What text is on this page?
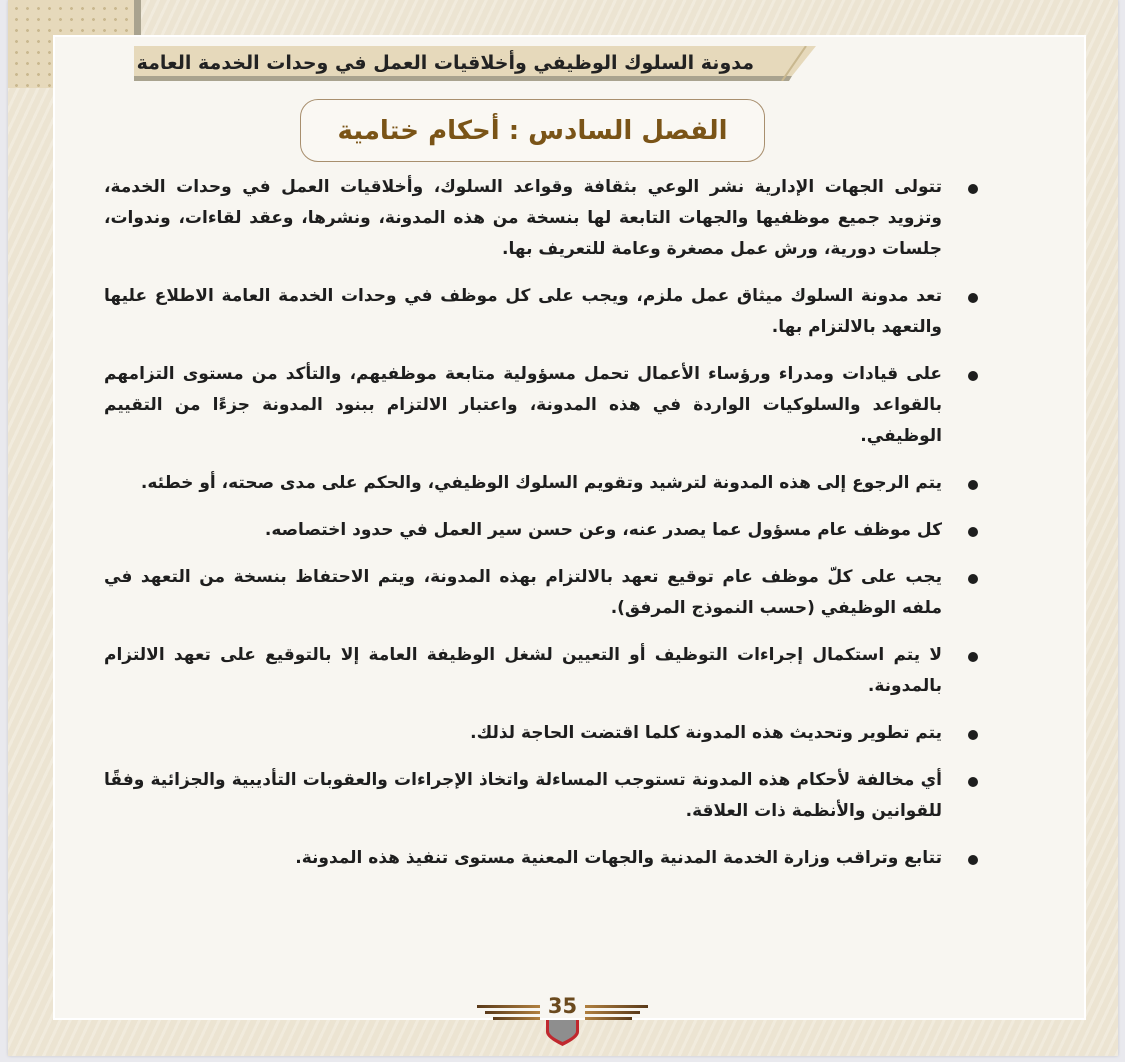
مدونة السلوك الوظيفي وأخلاقيات العمل في وحدات الخدمة العامة
الفصل السادس : أحكام ختامية
تتولى الجهات الإدارية نشر الوعي بثقافة وقواعد السلوك، وأخلاقيات العمل في وحدات الخدمة، وتزويد جميع موظفيها والجهات التابعة لها بنسخة من هذه المدونة، ونشرها، وعقد لقاءات، وندوات، جلسات دورية، ورش عمل مصغرة وعامة للتعريف بها.
تعد مدونة السلوك ميثاق عمل ملزم، ويجب على كل موظف في وحدات الخدمة العامة الاطلاع عليها والتعهد بالالتزام بها.
على قيادات ومدراء ورؤساء الأعمال تحمل مسؤولية متابعة موظفيهم، والتأكد من مستوى التزامهم بالقواعد والسلوكيات الواردة في هذه المدونة، واعتبار الالتزام ببنود المدونة جزءًا من التقييم الوظيفي.
يتم الرجوع إلى هذه المدونة لترشيد وتقويم السلوك الوظيفي، والحكم على مدى صحته، أو خطئه.
كل موظف عام مسؤول عما يصدر عنه، وعن حسن سير العمل في حدود اختصاصه.
يجب على كلّ موظف عام توقيع تعهد بالالتزام بهذه المدونة، ويتم الاحتفاظ بنسخة من التعهد في ملفه الوظيفي (حسب النموذج المرفق).
لا يتم استكمال إجراءات التوظيف أو التعيين لشغل الوظيفة العامة إلا بالتوقيع على تعهد الالتزام بالمدونة.
يتم تطوير وتحديث هذه المدونة كلما اقتضت الحاجة لذلك.
أي مخالفة لأحكام هذه المدونة تستوجب المساءلة واتخاذ الإجراءات والعقوبات التأديبية والجزائية وفقًا للقوانين والأنظمة ذات العلاقة.
تتابع وتراقب وزارة الخدمة المدنية والجهات المعنية مستوى تنفيذ هذه المدونة.
35
